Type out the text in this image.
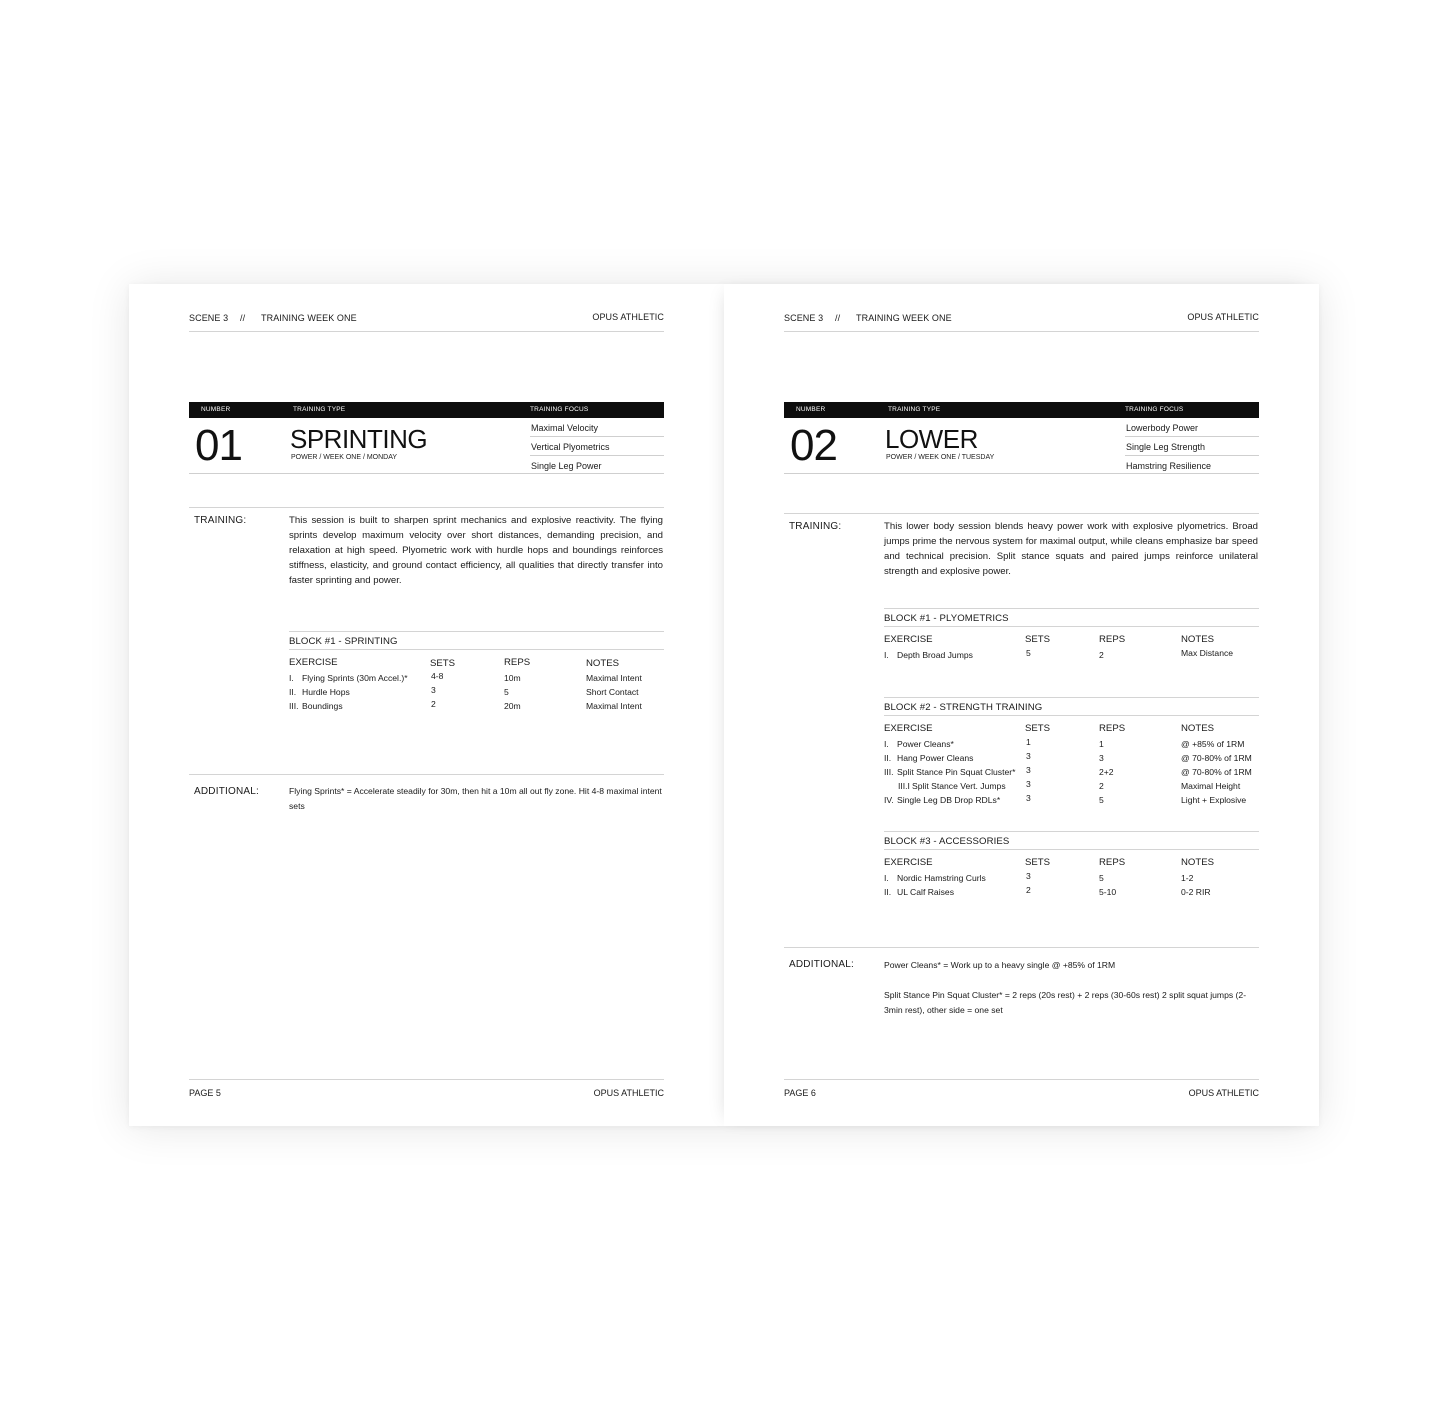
SCENE 3 // TRAINING WEEK ONE	OPUS ATHLETIC
NUMBER	TRAINING TYPE	TRAINING FOCUS
01 SPRINTING
POWER / WEEK ONE / MONDAY
Maximal Velocity
Vertical Plyometrics
Single Leg Power
TRAINING:	This session is built to sharpen sprint mechanics and explosive reactivity. The flying sprints develop maximum velocity over short distances, demanding precision, and relaxation at high speed. Plyometric work with hurdle hops and boundings reinforces stiffness, elasticity, and ground contact efficiency, all qualities that directly transfer into faster sprinting and power.
BLOCK #1 - SPRINTING
EXERCISE	SETS	REPS	NOTES
I. Flying Sprints (30m Accel.)*	4-8	10m	Maximal Intent
II. Hurdle Hops	3	5	Short Contact
III. Boundings	2	20m	Maximal Intent
ADDITIONAL:	Flying Sprints* = Accelerate steadily for 30m, then hit a 10m all out fly zone. Hit 4-8 maximal intent sets
PAGE 5	OPUS ATHLETIC
SCENE 3 // TRAINING WEEK ONE	OPUS ATHLETIC
NUMBER	TRAINING TYPE	TRAINING FOCUS
02 LOWER
POWER / WEEK ONE / TUESDAY
Lowerbody Power
Single Leg Strength
Hamstring Resilience
TRAINING:	This lower body session blends heavy power work with explosive plyometrics. Broad jumps prime the nervous system for maximal output, while cleans emphasize bar speed and technical precision. Split stance squats and paired jumps reinforce unilateral strength and explosive power.
BLOCK #1 - PLYOMETRICS
EXERCISE	SETS	REPS	NOTES
I. Depth Broad Jumps	5	2	Max Distance
BLOCK #2 - STRENGTH TRAINING
EXERCISE	SETS	REPS	NOTES
I. Power Cleans*	1	1	@ +85% of 1RM
II. Hang Power Cleans	3	3	@ 70-80% of 1RM
III. Split Stance Pin Squat Cluster* 3	2+2	@ 70-80% of 1RM
III.I Split Stance Vert. Jumps 3	2	Maximal Height
IV. Single Leg DB Drop RDLs*	3	5	Light + Explosive
BLOCK #3 - ACCESSORIES
EXERCISE	SETS	REPS	NOTES
I. Nordic Hamstring Curls	3	5	1-2
II. UL Calf Raises	2	5-10	0-2 RIR
ADDITIONAL:	Power Cleans* = Work up to a heavy single @ +85% of 1RM
Split Stance Pin Squat Cluster* = 2 reps (20s rest) + 2 reps (30-60s rest) 2 split squat jumps (2-3min rest), other side = one set
PAGE 6	OPUS ATHLETIC
